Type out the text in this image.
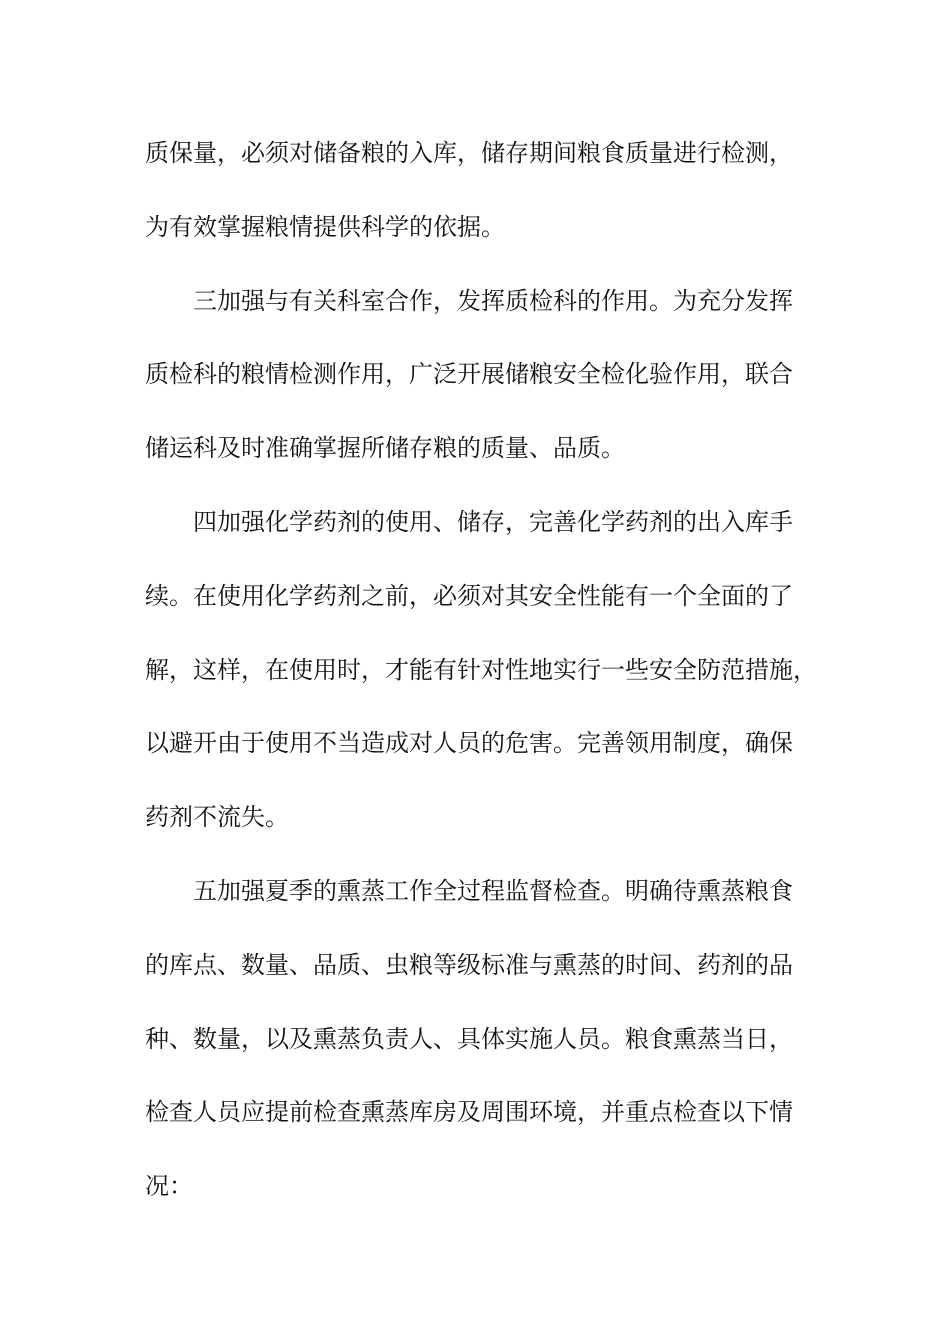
质保量，必须对储备粮的入库，储存期间粮食质量进行检测，
为有效掌握粮情提供科学的依据。
三加强与有关科室合作，发挥质检科的作用。为充分发挥
质检科的粮情检测作用，广泛开展储粮安全检化验作用，联合
储运科及时准确掌握所储存粮的质量、品质。
四加强化学药剂的使用、储存，完善化学药剂的出入库手
续。在使用化学药剂之前，必须对其安全性能有一个全面的了
解，这样，在使用时，才能有针对性地实行一些安全防范措施，
以避开由于使用不当造成对人员的危害。完善领用制度，确保
药剂不流失。
五加强夏季的熏蒸工作全过程监督检查。明确待熏蒸粮食
的库点、数量、品质、虫粮等级标准与熏蒸的时间、药剂的品
种、数量，以及熏蒸负责人、具体实施人员。粮食熏蒸当日，
检查人员应提前检查熏蒸库房及周围环境，并重点检查以下情
况：
